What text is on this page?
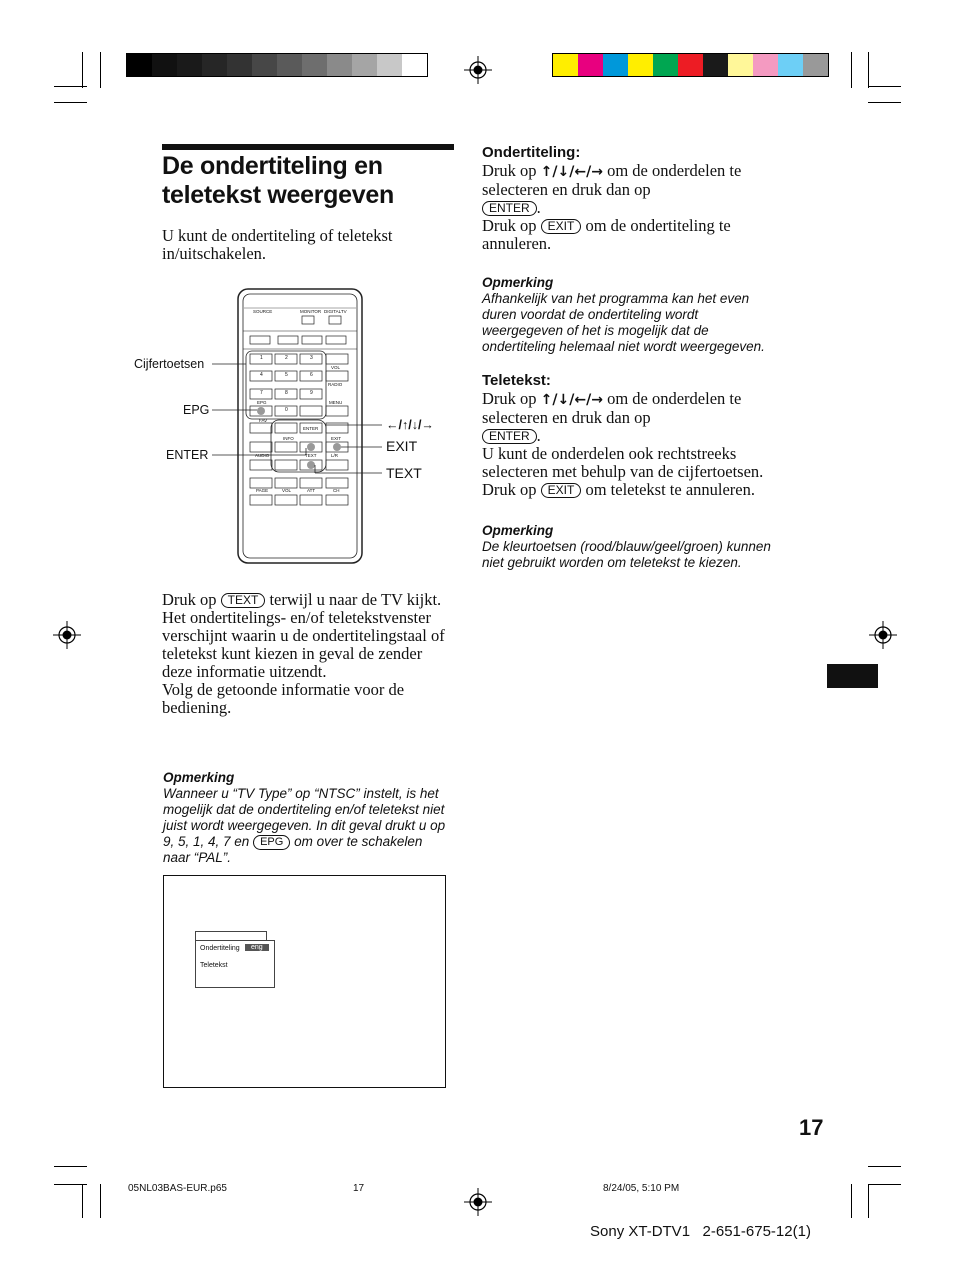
De ondertiteling en teletekst weergeven

U kunt de ondertiteling of teletekst in/uitschakelen.

SOURCE	MONITOR DIGITALTV
VOL
RADIO
EPG	MENU
FAV
ENTER
INFO	EXIT
AUDIO	TEXT	L/R
PAGE	VOL	ATT	CH
1	2	3
4	5	6
7	8	9
0
Cijfertoetsen
EPG
ENTER
←/↑/↓/→
EXIT
TEXT

Druk op TEXT terwijl u naar de TV kijkt.

Het ondertitelings- en/of teletekstvenster verschijnt waarin u de ondertitelingstaal of teletekst kunt kiezen in geval de zender deze informatie uitzendt.

Volg de getoonde informatie voor de bediening.

Opmerking
Wanneer u “TV Type” op “NTSC” instelt, is het mogelijk dat de ondertiteling en/of teletekst niet juist wordt weergegeven. In dit geval drukt u op 9, 5, 1, 4, 7 en EPG om over te schakelen naar “PAL”.
Ondertiteling	eng
Teletekst
Ondertiteling:

Druk op ↑/↓/←/→ om de onderdelen te selecteren en druk dan op
ENTER .

Druk op EXIT om de ondertiteling te annuleren.

Opmerking
Afhankelijk van het programma kan het even duren voordat de ondertiteling wordt weergegeven of het is mogelijk dat de ondertiteling helemaal niet wordt weergegeven.
Teletekst:

Druk op ↑/↓/←/→ om de onderdelen te selecteren en druk dan op
ENTER .

U kunt de onderdelen ook rechtstreeks selecteren met behulp van de cijfertoetsen.

Druk op EXIT om teletekst te annuleren.

Opmerking
De kleurtoetsen (rood/blauw/geel/groen) kunnen niet gebruikt worden om teletekst te kiezen.
17
05NL03BAS-EUR.p65	17	8/24/05, 5:10 PM
Sony XT-DTV1   2-651-675-12(1)
